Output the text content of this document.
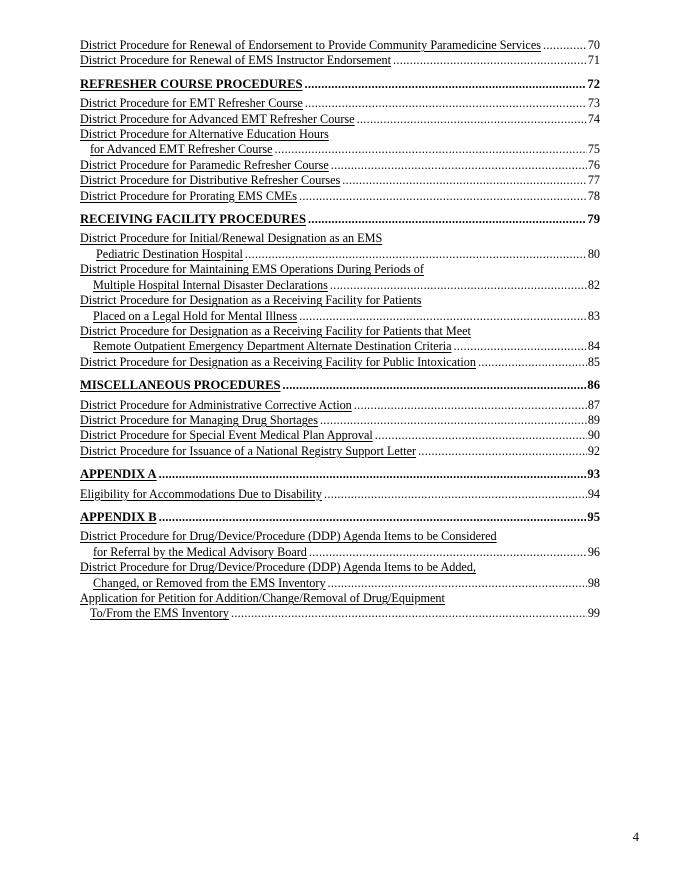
District Procedure for Renewal of Endorsement to Provide Community Paramedicine Services .....	70
District Procedure for Renewal of EMS Instructor Endorsement .....	71
REFRESHER COURSE PROCEDURES .....	72
District Procedure for EMT Refresher Course .....	73
District Procedure for Advanced EMT Refresher Course .....	74
District Procedure for Alternative Education Hours
for Advanced EMT Refresher Course .....	75
District Procedure for Paramedic Refresher Course .....	76
District Procedure for Distributive Refresher Courses .....	77
District Procedure for Prorating EMS CMEs .....	78
RECEIVING FACILITY PROCEDURES .....	79
District Procedure for Initial/Renewal Designation as an EMS
Pediatric Destination Hospital .....	80
District Procedure for Maintaining EMS Operations During Periods of
Multiple Hospital Internal Disaster Declarations .....	82
District Procedure for Designation as a Receiving Facility for Patients
Placed on a Legal Hold for Mental Illness .....	83
District Procedure for Designation as a Receiving Facility for Patients that Meet
Remote Outpatient Emergency Department Alternate Destination Criteria .....	84
District Procedure for Designation as a Receiving Facility for Public Intoxication .....	85
MISCELLANEOUS PROCEDURES .....	86
District Procedure for Administrative Corrective Action .....	87
District Procedure for Managing Drug Shortages .....	89
District Procedure for Special Event Medical Plan Approval .....	90
District Procedure for Issuance of a National Registry Support Letter .....	92
APPENDIX A .....	93
Eligibility for Accommodations Due to Disability .....	94
APPENDIX B .....	95
District Procedure for Drug/Device/Procedure (DDP) Agenda Items to be Considered
for Referral by the Medical Advisory Board .....	96
District Procedure for Drug/Device/Procedure (DDP) Agenda Items to be Added,
Changed, or Removed from the EMS Inventory .....	98
Application for Petition for Addition/Change/Removal of Drug/Equipment
To/From the EMS Inventory .....	99
4
